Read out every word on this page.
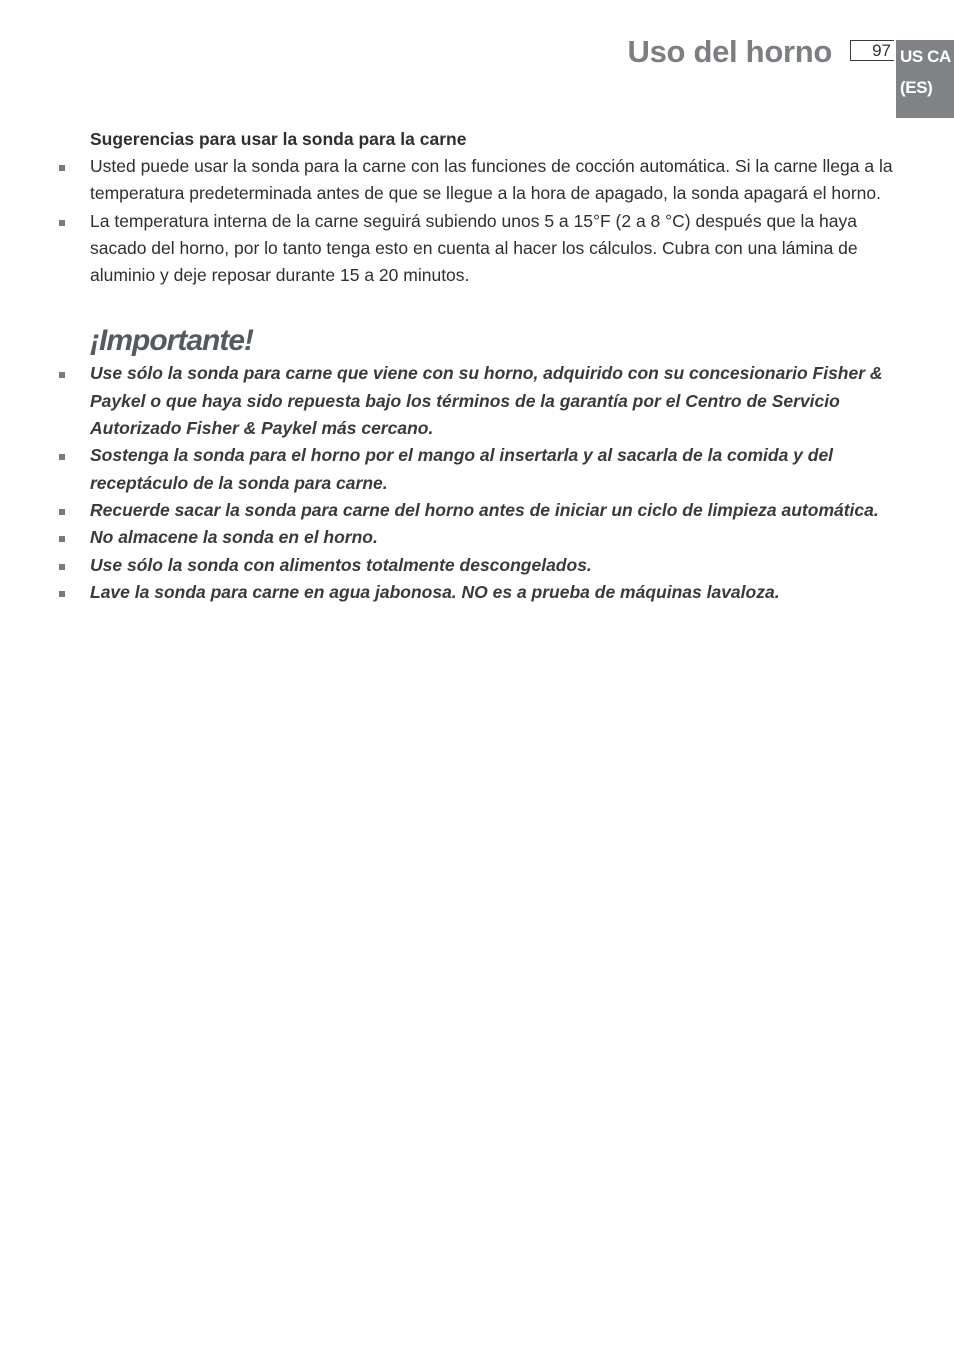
Uso del horno	97 US CA
(ES)
Sugerencias para usar la sonda para la carne
Usted puede usar la sonda para la carne con las funciones de cocción automática. Si la carne llega a la temperatura predeterminada antes de que se llegue a la hora de apagado, la sonda apagará el horno.
La temperatura interna de la carne seguirá subiendo unos 5 a 15°F (2 a 8 °C) después que la haya sacado del horno, por lo tanto tenga esto en cuenta al hacer los cálculos. Cubra con una lámina de aluminio y deje reposar durante 15 a 20 minutos.
¡Importante!
Use sólo la sonda para carne que viene con su horno, adquirido con su concesionario Fisher & Paykel o que haya sido repuesta bajo los términos de la garantía por el Centro de Servicio Autorizado Fisher & Paykel más cercano.
Sostenga la sonda para el horno por el mango al insertarla y al sacarla de la comida y del receptáculo de la sonda para carne.
Recuerde sacar la sonda para carne del horno antes de iniciar un ciclo de limpieza automática.
No almacene la sonda en el horno.
Use sólo la sonda con alimentos totalmente descongelados.
Lave la sonda para carne en agua jabonosa. NO es a prueba de máquinas lavaloza.
